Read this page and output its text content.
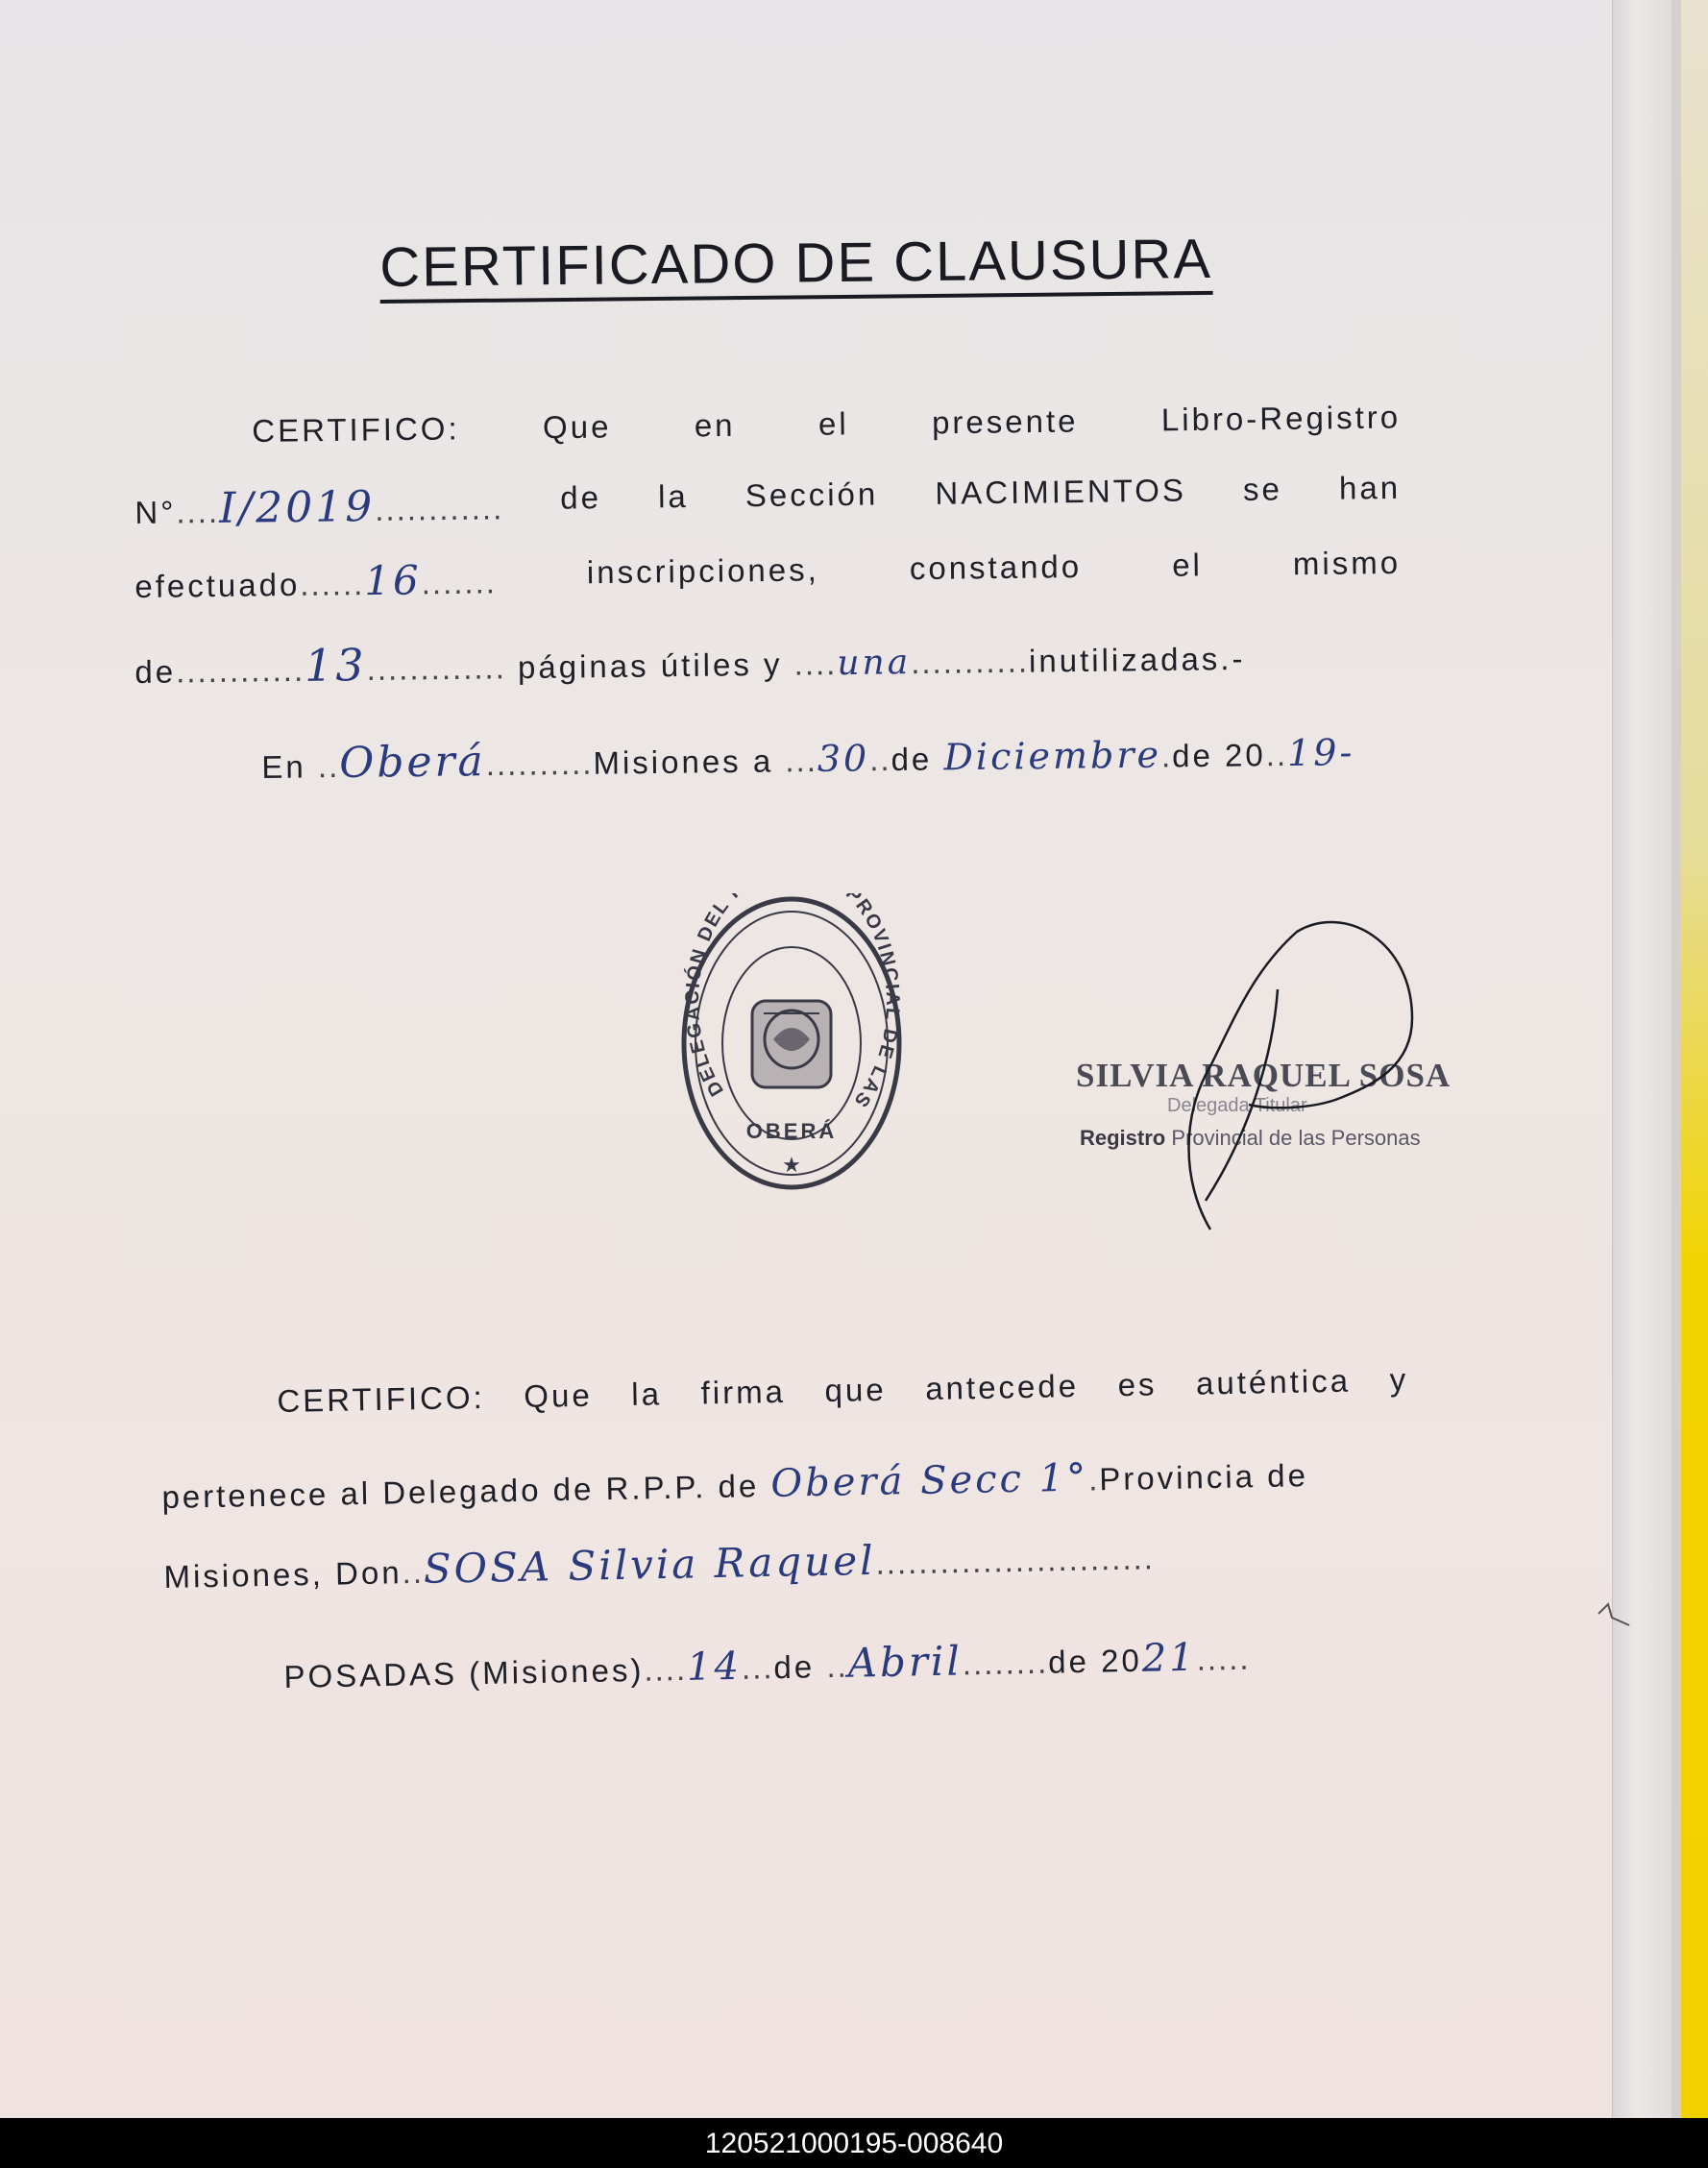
CERTIFICADO DE CLAUSURA
CERTIFICO:	Que	en	el	presente	Libro-Registro
N°....I/2019............ de la Sección NACIMIENTOS se han
efectuado......16.......	inscripciones,	constando	el	mismo
de............13............. páginas útiles y ....una...........inutilizadas.-
En ..Oberá..........Misiones a ...30..de Diciembre.de 20..19-
DELEGACIÓN DEL PROVINCIAL DE LAS
OBERÁ
★
SILVIA RAQUEL SOSA
Delegada Titular
Registro Provincial de las Personas
CERTIFICO: Que la firma que antecede es auténtica y
pertenece al Delegado de R.P.P. de Oberá Secc 1°.Provincia de
Misiones, Don..SOSA Silvia Raquel..........................
POSADAS (Misiones)....14...de ..Abril........de 2021.....
120521000195-008640
